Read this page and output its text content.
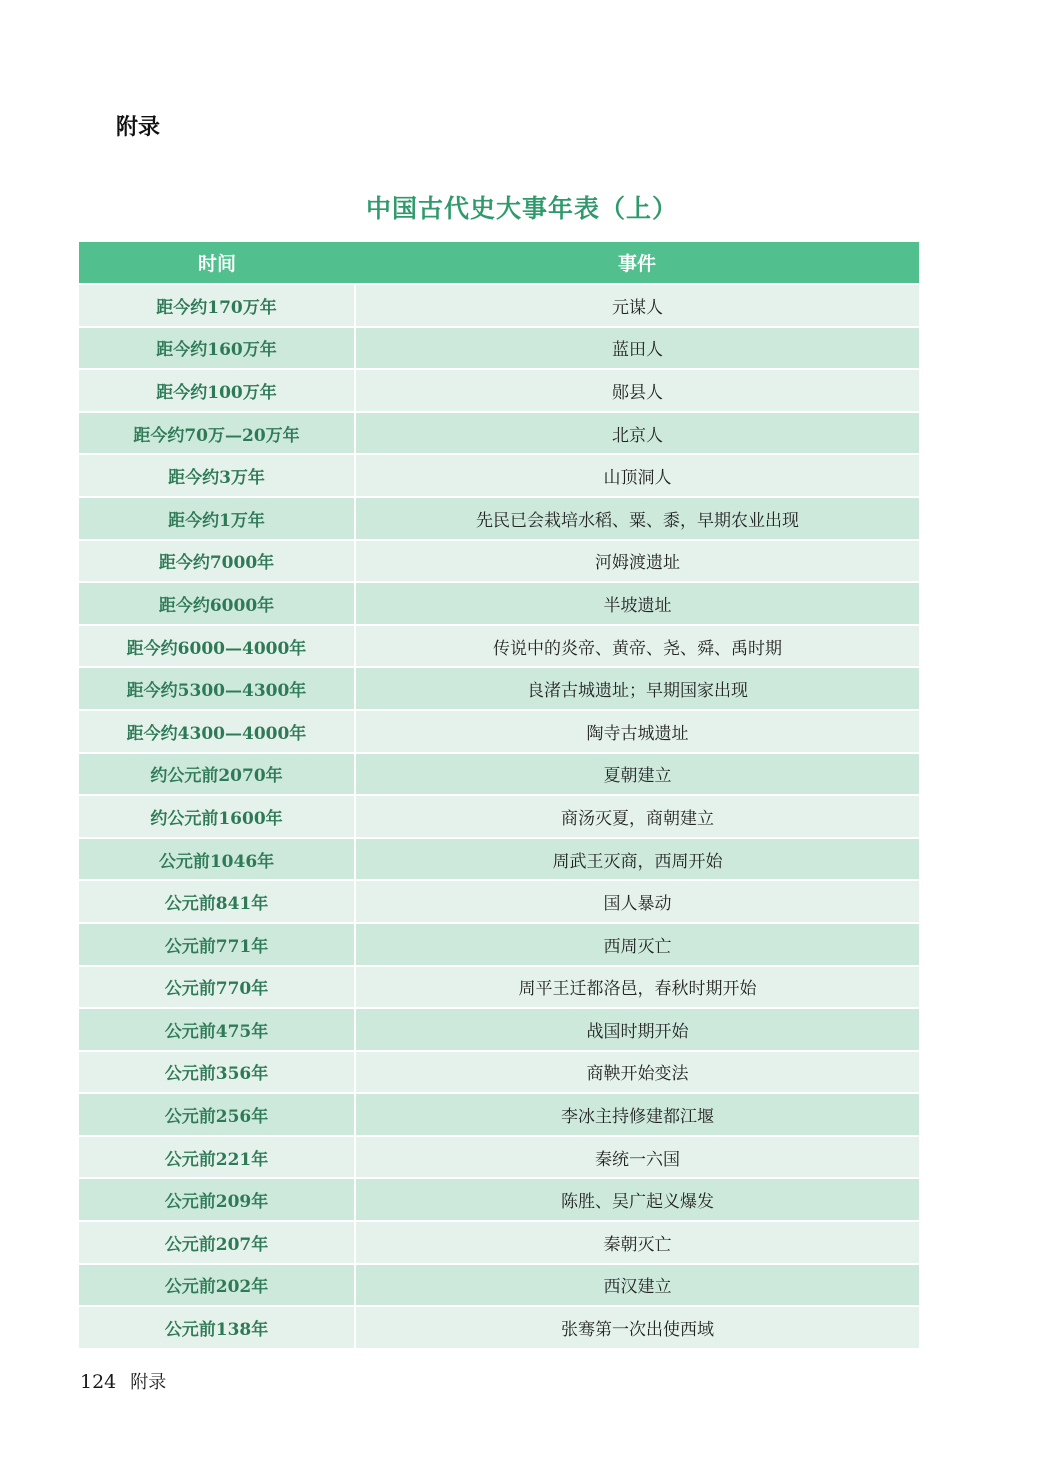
附录
中国古代史大事年表（上）
时间	事件
距今约170万年	元谋人
距今约160万年	蓝田人
距今约100万年	郧县人
距今约70万—20万年	北京人
距今约3万年	山顶洞人
距今约1万年	先民已会栽培水稻、粟、黍，早期农业出现
距今约7000年	河姆渡遗址
距今约6000年	半坡遗址
距今约6000—4000年	传说中的炎帝、黄帝、尧、舜、禹时期
距今约5300—4300年	良渚古城遗址；早期国家出现
距今约4300—4000年	陶寺古城遗址
约公元前2070年	夏朝建立
约公元前1600年	商汤灭夏，商朝建立
公元前1046年	周武王灭商，西周开始
公元前841年	国人暴动
公元前771年	西周灭亡
公元前770年	周平王迁都洛邑，春秋时期开始
公元前475年	战国时期开始
公元前356年	商鞅开始变法
公元前256年	李冰主持修建都江堰
公元前221年	秦统一六国
公元前209年	陈胜、吴广起义爆发
公元前207年	秦朝灭亡
公元前202年	西汉建立
公元前138年	张骞第一次出使西域
124 附录
